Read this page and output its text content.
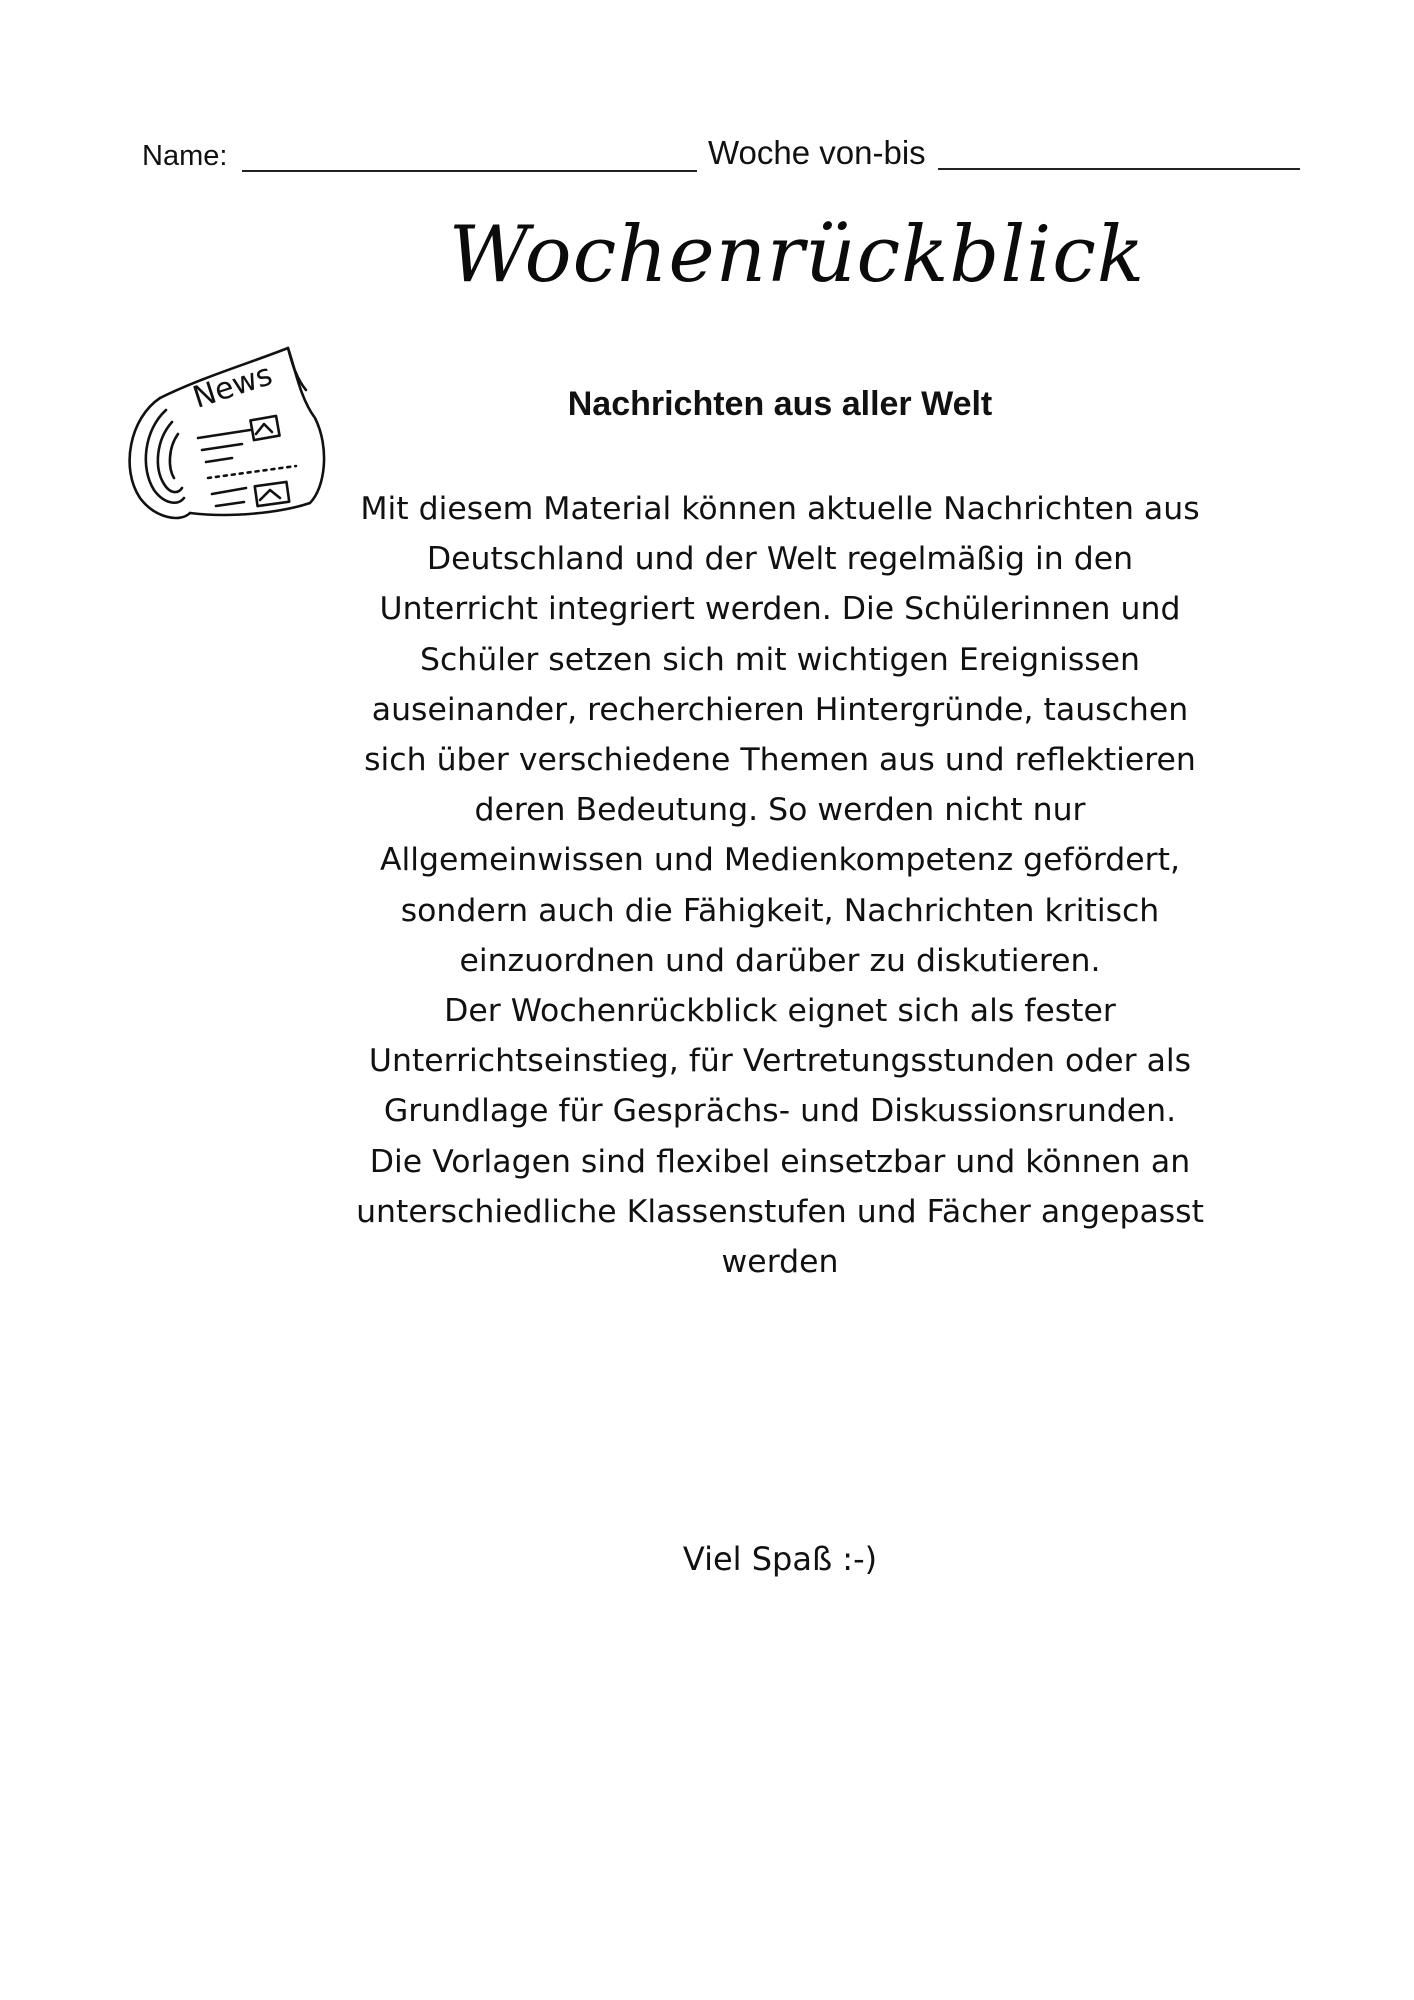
Name:	Woche von-bis
Wochenrückblick
News	Nachrichten aus aller Welt

Mit diesem Material können aktuelle Nachrichten aus Deutschland und der Welt regelmäßig in den Unterricht integriert werden. Die Schülerinnen und Schüler setzen sich mit wichtigen Ereignissen auseinander, recherchieren Hintergründe, tauschen sich über verschiedene Themen aus und reflektieren deren Bedeutung. So werden nicht nur Allgemeinwissen und Medienkompetenz gefördert, sondern auch die Fähigkeit, Nachrichten kritisch einzuordnen und darüber zu diskutieren.

Der Wochenrückblick eignet sich als fester Unterrichtseinstieg, für Vertretungsstunden oder als Grundlage für Gesprächs- und Diskussionsrunden. Die Vorlagen sind flexibel einsetzbar und können an unterschiedliche Klassenstufen und Fächer angepasst werden

Viel Spaß :-)
